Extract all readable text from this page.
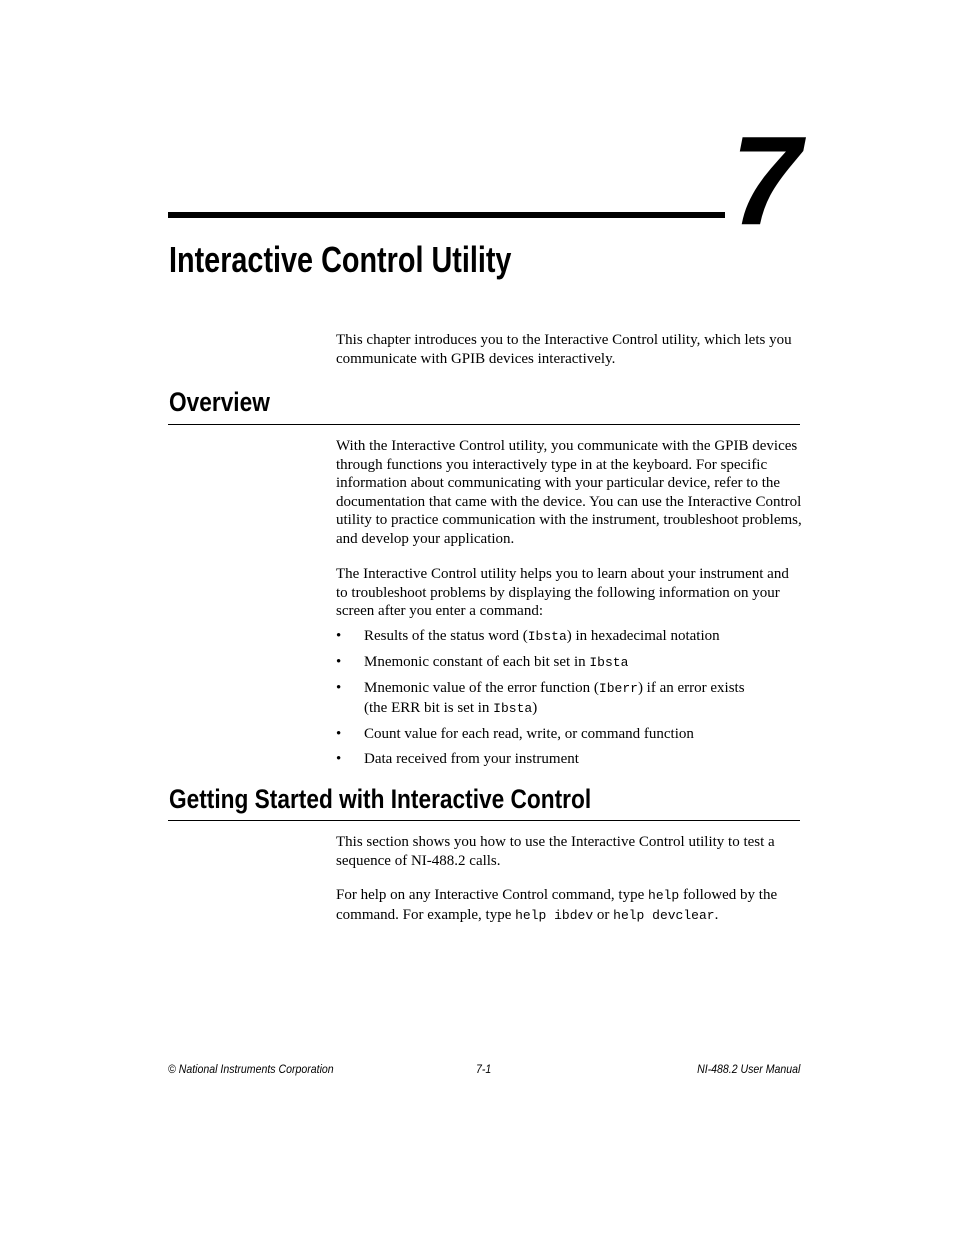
7
Interactive Control Utility

This chapter introduces you to the Interactive Control utility, which lets you communicate with GPIB devices interactively.

Overview

With the Interactive Control utility, you communicate with the GPIB devices through functions you interactively type in at the keyboard. For specific information about communicating with your particular device, refer to the documentation that came with the device. You can use the Interactive Control utility to practice communication with the instrument, troubleshoot problems, and develop your application.

The Interactive Control utility helps you to learn about your instrument and to troubleshoot problems by displaying the following information on your screen after you enter a command:

• Results of the status word (Ibsta) in hexadecimal notation
• Mnemonic constant of each bit set in Ibsta
• Mnemonic value of the error function (Iberr) if an error exists
(the ERR bit is set in Ibsta)
• Count value for each read, write, or command function
• Data received from your instrument
Getting Started with Interactive Control

This section shows you how to use the Interactive Control utility to test a sequence of NI-488.2 calls.

For help on any Interactive Control command, type help followed by the command. For example, type help ibdev or help devclear.

© National Instruments Corporation	7-1	NI-488.2 User Manual
